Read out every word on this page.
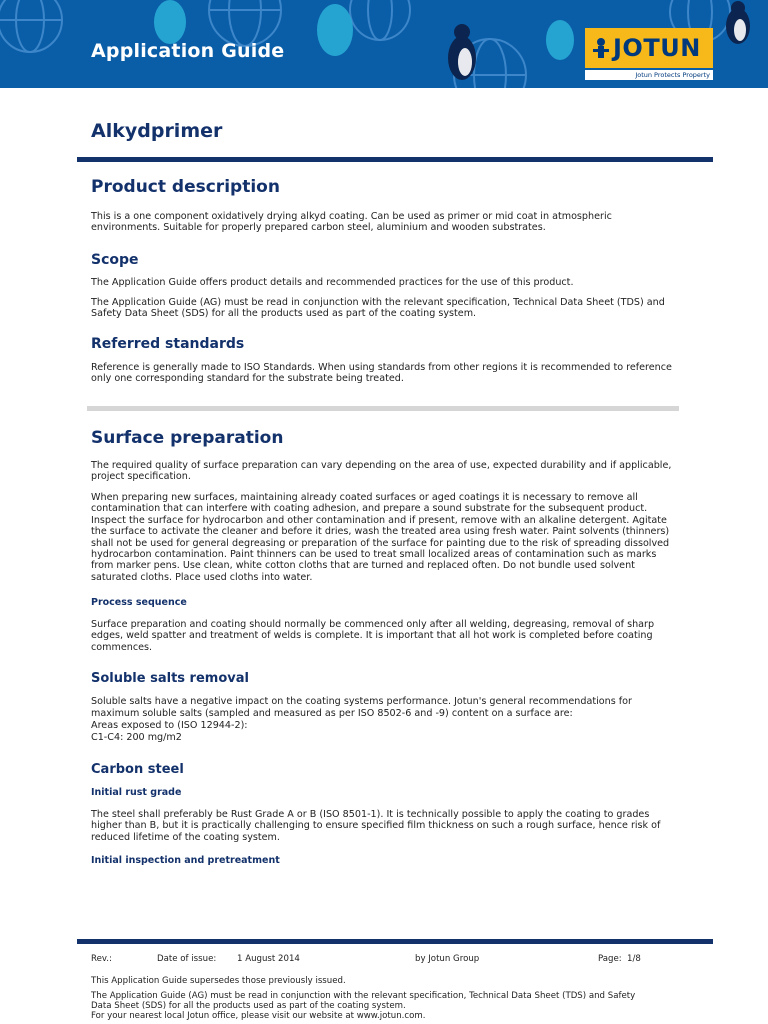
Application Guide	JOTUN
Jotun Protects Property
Alkydprimer
Product description

This is a one component oxidatively drying alkyd coating. Can be used as primer or mid coat in atmospheric environments. Suitable for properly prepared carbon steel, aluminium and wooden substrates.

Scope

The Application Guide offers product details and recommended practices for the use of this product.

The Application Guide (AG) must be read in conjunction with the relevant specification, Technical Data Sheet (TDS) and Safety Data Sheet (SDS) for all the products used as part of the coating system.

Referred standards

Reference is generally made to ISO Standards. When using standards from other regions it is recommended to reference only one corresponding standard for the substrate being treated.

Surface preparation

The required quality of surface preparation can vary depending on the area of use, expected durability and if applicable, project specification.

When preparing new surfaces, maintaining already coated surfaces or aged coatings it is necessary to remove all contamination that can interfere with coating adhesion, and prepare a sound substrate for the subsequent product. Inspect the surface for hydrocarbon and other contamination and if present, remove with an alkaline detergent. Agitate the surface to activate the cleaner and before it dries, wash the treated area using fresh water. Paint solvents (thinners) shall not be used for general degreasing or preparation of the surface for painting due to the risk of spreading dissolved hydrocarbon contamination. Paint thinners can be used to treat small localized areas of contamination such as marks from marker pens. Use clean, white cotton cloths that are turned and replaced often. Do not bundle used solvent saturated cloths. Place used cloths into water.

Process sequence

Surface preparation and coating should normally be commenced only after all welding, degreasing, removal of sharp edges, weld spatter and treatment of welds is complete. It is important that all hot work is completed before coating commences.

Soluble salts removal

Soluble salts have a negative impact on the coating systems performance. Jotun's general recommendations for

maximum soluble salts (sampled and measured as per ISO 8502-6 and -9) content on a surface are:

Areas exposed to (ISO 12944-2):

C1-C4: 200 mg/m2

Carbon steel
Initial rust grade

The steel shall preferably be Rust Grade A or B (ISO 8501-1). It is technically possible to apply the coating to grades higher than B, but it is practically challenging to ensure specified film thickness on such a rough surface, hence risk of reduced lifetime of the coating system.

Initial inspection and pretreatment
Rev.:	Date of issue: 1 August 2014	by Jotun Group	Page: 1/8
This Application Guide supersedes those previously issued.
The Application Guide (AG) must be read in conjunction with the relevant specification, Technical Data Sheet (TDS) and Safety
Data Sheet (SDS) for all the products used as part of the coating system.
For your nearest local Jotun office, please visit our website at www.jotun.com.
